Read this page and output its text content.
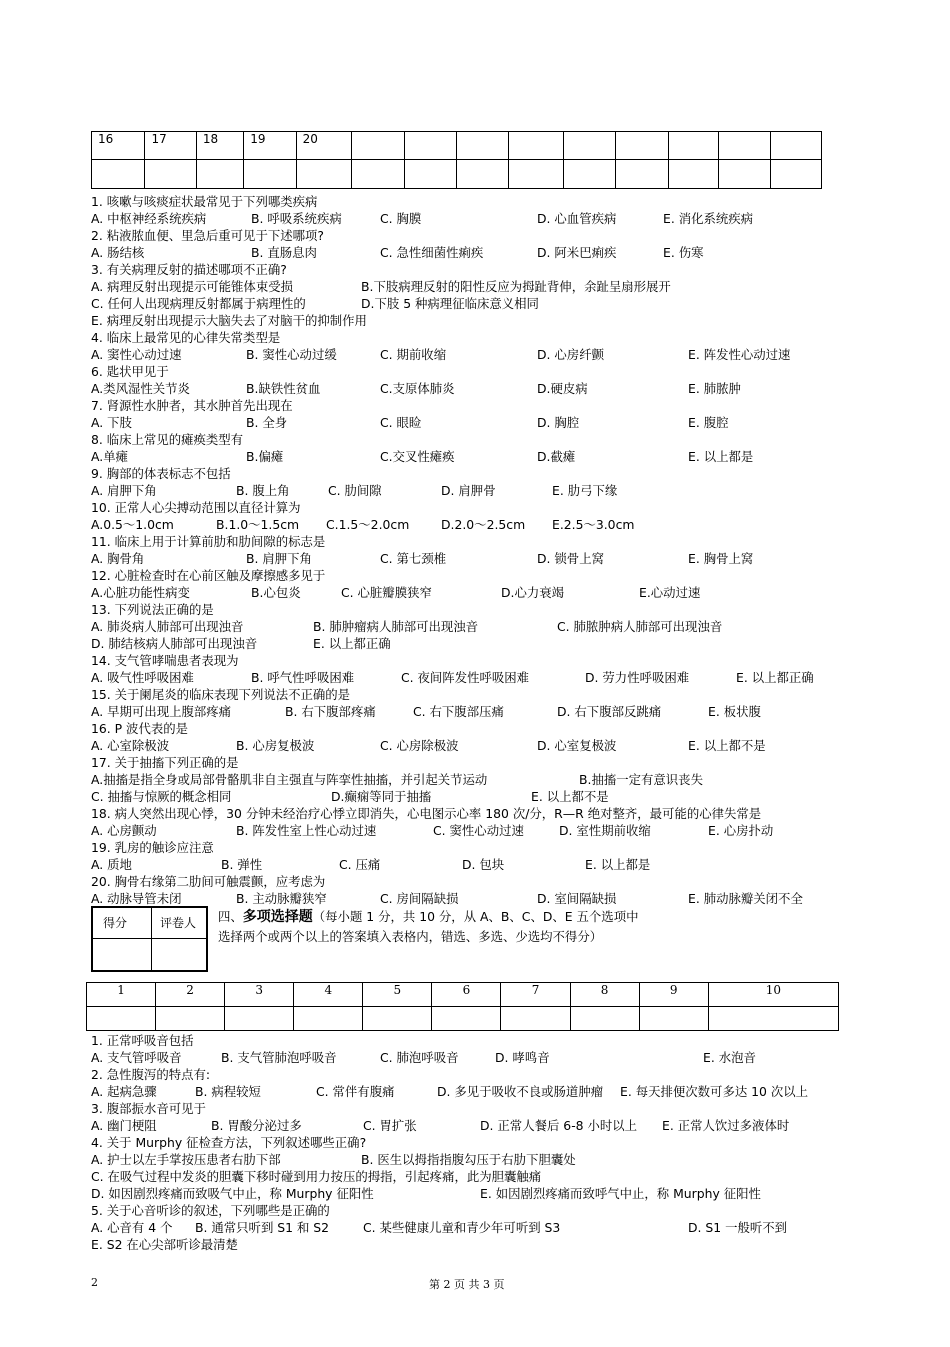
16	17	18	19	20									

1. 咳嗽与咳痰症状最常见于下列哪类疾病
A. 中枢神经系统疾病	B. 呼吸系统疾病	C. 胸膜	D. 心血管疾病	E. 消化系统疾病
2. 粘液脓血便、里急后重可见于下述哪项?
A. 肠结核	B. 直肠息肉	C. 急性细菌性痢疾	D. 阿米巴痢疾	E. 伤寒
3. 有关病理反射的描述哪项不正确?
A. 病理反射出现提示可能锥体束受损	B.下肢病理反射的阳性反应为拇趾背伸，余趾呈扇形展开
C. 任何人出现病理反射都属于病理性的	D.下肢 5 种病理征临床意义相同
E. 病理反射出现提示大脑失去了对脑干的抑制作用
4. 临床上最常见的心律失常类型是
A. 窦性心动过速	B. 窦性心动过缓	C. 期前收缩	D. 心房纤颤	E. 阵发性心动过速
6. 匙状甲见于
A.类风湿性关节炎	B.缺铁性贫血	C.支原体肺炎	D.硬皮病	E. 肺脓肿
7. 肾源性水肿者，其水肿首先出现在
A. 下肢	B. 全身	C. 眼睑	D. 胸腔	E. 腹腔
8. 临床上常见的瘫痪类型有
A.单瘫	B.偏瘫	C.交叉性瘫痪	D.截瘫	E. 以上都是
9. 胸部的体表标志不包括
A. 肩胛下角	B. 腹上角	C. 肋间隙	D. 肩胛骨	E. 肋弓下缘
10. 正常人心尖搏动范围以直径计算为
A.0.5～1.0cm	B.1.0～1.5cm C.1.5～2.0cm	D.2.0～2.5cm E.2.5～3.0cm
11. 临床上用于计算前肋和肋间隙的标志是
A. 胸骨角	B. 肩胛下角	C. 第七颈椎	D. 锁骨上窝	E. 胸骨上窝
12. 心脏检查时在心前区触及摩擦感多见于
A.心脏功能性病变	B.心包炎	C. 心脏瓣膜狭窄	D.心力衰竭	E.心动过速
13. 下列说法正确的是
A. 肺炎病人肺部可出现浊音	B. 肺肿瘤病人肺部可出现浊音	C. 肺脓肿病人肺部可出现浊音
D. 肺结核病人肺部可出现浊音	E. 以上都正确
14. 支气管哮喘患者表现为
A. 吸气性呼吸困难	B. 呼气性呼吸困难	C. 夜间阵发性呼吸困难	D. 劳力性呼吸困难	E. 以上都正确
15. 关于阑尾炎的临床表现下列说法不正确的是
A. 早期可出现上腹部疼痛	B. 右下腹部疼痛	C. 右下腹部压痛	D. 右下腹部反跳痛	E. 板状腹
16. P 波代表的是
A. 心室除极波	B. 心房复极波	C. 心房除极波	D. 心室复极波	E. 以上都不是
17. 关于抽搐下列正确的是
A.抽搐是指全身或局部骨骼肌非自主强直与阵挛性抽搐，并引起关节运动	B.抽搐一定有意识丧失
C. 抽搐与惊厥的概念相同	D.癫痫等同于抽搐	E. 以上都不是
18. 病人突然出现心悸，30 分钟未经治疗心悸立即消失，心电图示心率 180 次/分，R—R 绝对整齐，最可能的心律失常是
A. 心房颤动	B. 阵发性室上性心动过速	C. 窦性心动过速	D. 室性期前收缩	E. 心房扑动
19. 乳房的触诊应注意
A. 质地	B. 弹性	C. 压痛	D. 包块	E. 以上都是
20. 胸骨右缘第二肋间可触震颤，应考虑为
A. 动脉导管未闭	B. 主动脉瓣狭窄	C. 房间隔缺损	D. 室间隔缺损	E. 肺动脉瓣关闭不全
得分	评卷人 四、多项选择题（每小题 1 分，共 10 分，从 A、B、C、D、E 五个选项中
选择两个或两个以上的答案填入表格内，错选、多选、少选均不得分）
1	2	3	4	5	6	7	8	9	10

1. 正常呼吸音包括
A. 支气管呼吸音	B. 支气管肺泡呼吸音	C. 肺泡呼吸音	D. 哮鸣音	E. 水泡音
2. 急性腹泻的特点有:
A. 起病急骤	B. 病程较短	C. 常伴有腹痛	D. 多见于吸收不良或肠道肿瘤 E. 每天排便次数可多达 10 次以上
3. 腹部振水音可见于
A. 幽门梗阻	B. 胃酸分泌过多	C. 胃扩张	D. 正常人餐后 6-8 小时以上 E. 正常人饮过多液体时
4. 关于 Murphy 征检查方法，下列叙述哪些正确?
A. 护士以左手掌按压患者右肋下部	B. 医生以拇指指腹勾压于右肋下胆囊处
C. 在吸气过程中发炎的胆囊下移时碰到用力按压的拇指，引起疼痛，此为胆囊触痛
D. 如因剧烈疼痛而致吸气中止，称 Murphy 征阳性	E. 如因剧烈疼痛而致呼气中止，称 Murphy 征阳性
5. 关于心音听诊的叙述，下列哪些是正确的
A. 心音有 4 个 B. 通常只听到 S1 和 S2	C. 某些健康儿童和青少年可听到 S3	D. S1 一般听不到
E. S2 在心尖部听诊最清楚
2	第 2 页 共 3 页
